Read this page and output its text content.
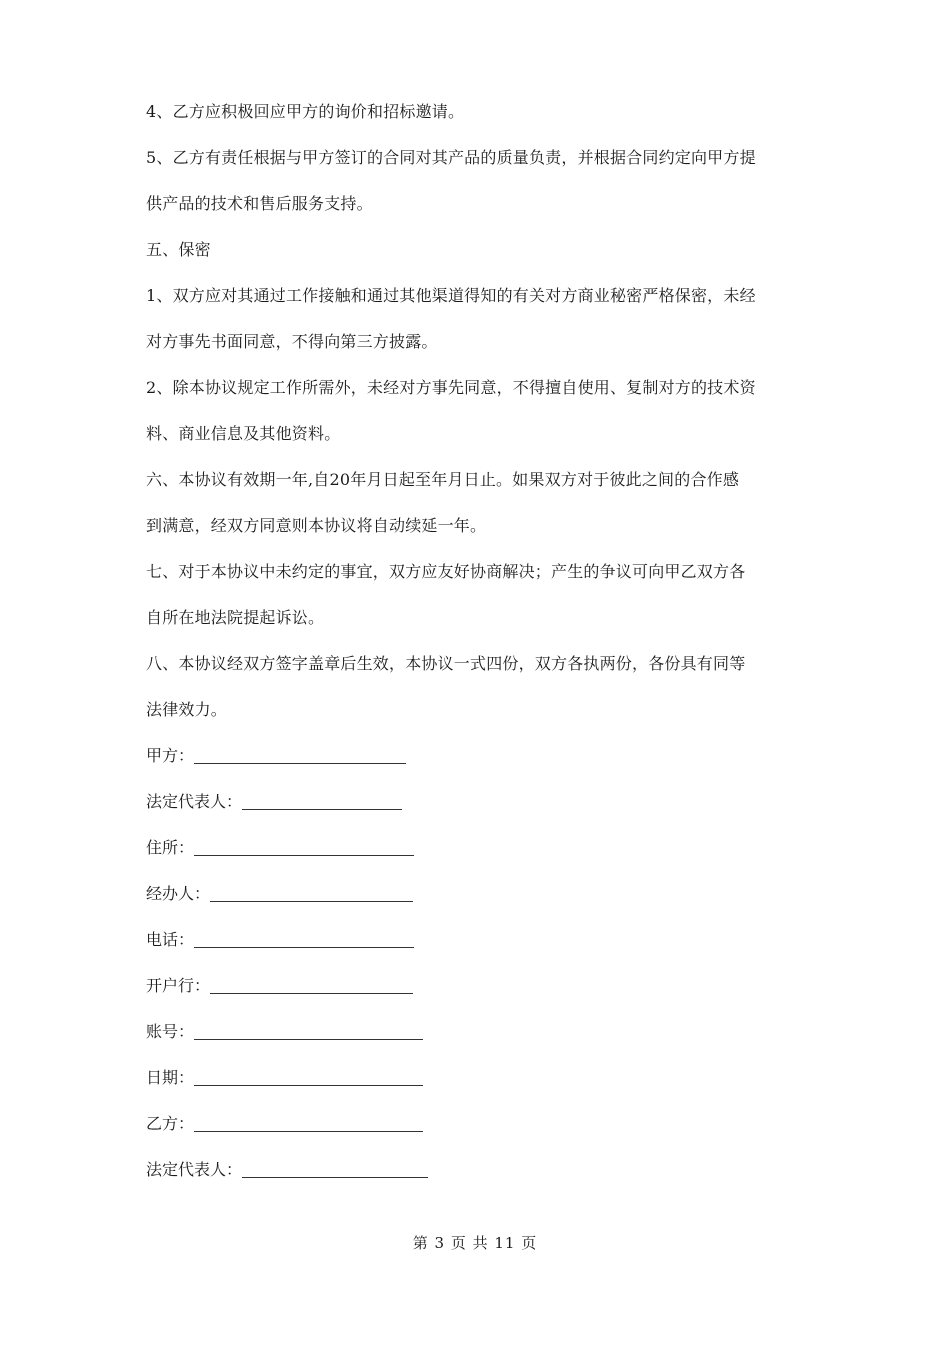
4、乙方应积极回应甲方的询价和招标邀请。
5、乙方有责任根据与甲方签订的合同对其产品的质量负责，并根据合同约定向甲方提
供产品的技术和售后服务支持。
五、保密
1、双方应对其通过工作接触和通过其他渠道得知的有关对方商业秘密严格保密，未经
对方事先书面同意，不得向第三方披露。
2、除本协议规定工作所需外，未经对方事先同意，不得擅自使用、复制对方的技术资
料、商业信息及其他资料。
六、本协议有效期一年,自20年月日起至年月日止。如果双方对于彼此之间的合作感
到满意，经双方同意则本协议将自动续延一年。
七、对于本协议中未约定的事宜，双方应友好协商解决；产生的争议可向甲乙双方各
自所在地法院提起诉讼。
八、本协议经双方签字盖章后生效，本协议一式四份，双方各执两份，各份具有同等
法律效力。
甲方：
法定代表人：
住所：
经办人：
电话：
开户行：
账号：
日期：
乙方：
法定代表人：
第 3 页 共 11 页
